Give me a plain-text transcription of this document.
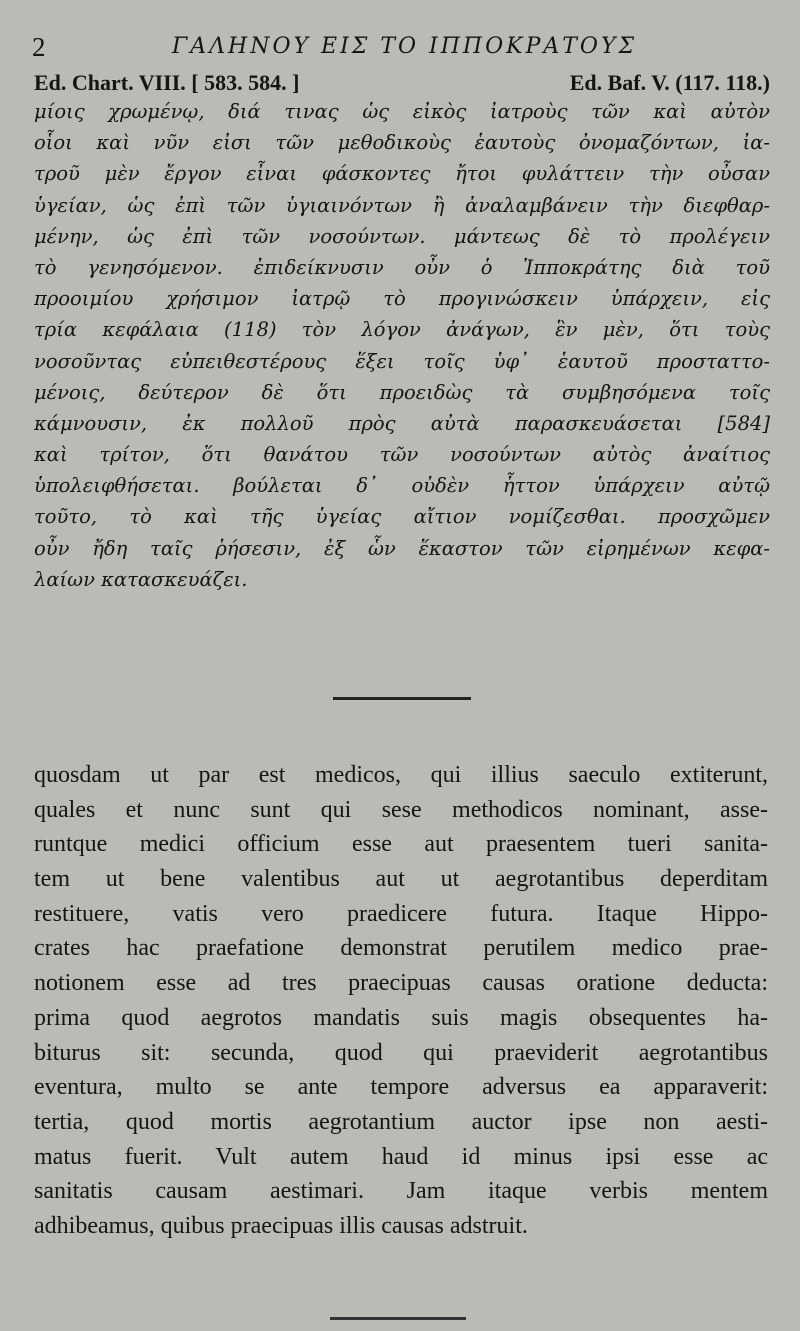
2	ΓΑΛΗΝΟΥ ΕΙΣ ΤΟ ΙΠΠΟΚΡΑΤΟΥΣ
Ed. Chart. VIII. [ 583. 584. ]	Ed. Baf. V. (117. 118.)
μίοις χρωμένῳ, διά τινας ὡς εἰκὸς ἰατροὺς τῶν καὶ αὐτὸν
οἷοι καὶ νῦν εἰσι τῶν μεθοδικοὺς ἑαυτοὺς ὀνομαζόντων, ἰα-
τροῦ μὲν ἔργον εἶναι φάσκοντες ἤτοι φυλάττειν τὴν οὖσαν
ὑγείαν, ὡς ἐπὶ τῶν ὑγιαινόντων ἢ ἀναλαμβάνειν τὴν διεφθαρ-
μένην, ὡς ἐπὶ τῶν νοσούντων. μάντεως δὲ τὸ προλέγειν
τὸ γενησόμενον. ἐπιδείκνυσιν οὖν ὁ Ἱπποκράτης διὰ τοῦ
προοιμίου χρήσιμον ἰατρῷ τὸ προγινώσκειν ὑπάρχειν, εἰς
τρία κεφάλαια (118) τὸν λόγον ἀνάγων, ἓν μὲν, ὅτι τοὺς
νοσοῦντας εὐπειθεστέρους ἕξει τοῖς ὑφ᾽ ἑαυτοῦ προσταττο-
μένοις, δεύτερον δὲ ὅτι προειδὼς τὰ συμβησόμενα τοῖς
κάμνουσιν, ἐκ πολλοῦ πρὸς αὐτὰ παρασκευάσεται [584]
καὶ τρίτον, ὅτι θανάτου τῶν νοσούντων αὐτὸς ἀναίτιος
ὑπολειφθήσεται. βούλεται δ᾽ οὐδὲν ἧττον ὑπάρχειν αὐτῷ
τοῦτο, τὸ καὶ τῆς ὑγείας αἴτιον νομίζεσθαι. προσχῶμεν
οὖν ἤδη ταῖς ῥήσεσιν, ἐξ ὧν ἕκαστον τῶν εἰρημένων κεφα-
λαίων κατασκευάζει.
quosdam ut par est medicos, qui illius saeculo extiterunt,
quales et nunc sunt qui sese methodicos nominant, asse-
runtque medici officium esse aut praesentem tueri sanita-
tem ut bene valentibus aut ut aegrotantibus deperditam
restituere, vatis vero praedicere futura. Itaque Hippo-
crates hac praefatione demonstrat perutilem medico prae-
notionem esse ad tres praecipuas causas oratione deducta:
prima quod aegrotos mandatis suis magis obsequentes ha-
biturus sit: secunda, quod qui praeviderit aegrotantibus
eventura, multo se ante tempore adversus ea apparaverit:
tertia, quod mortis aegrotantium auctor ipse non aesti-
matus fuerit. Vult autem haud id minus ipsi esse ac
sanitatis causam aestimari. Jam itaque verbis mentem
adhibeamus, quibus praecipuas illis causas adstruit.
